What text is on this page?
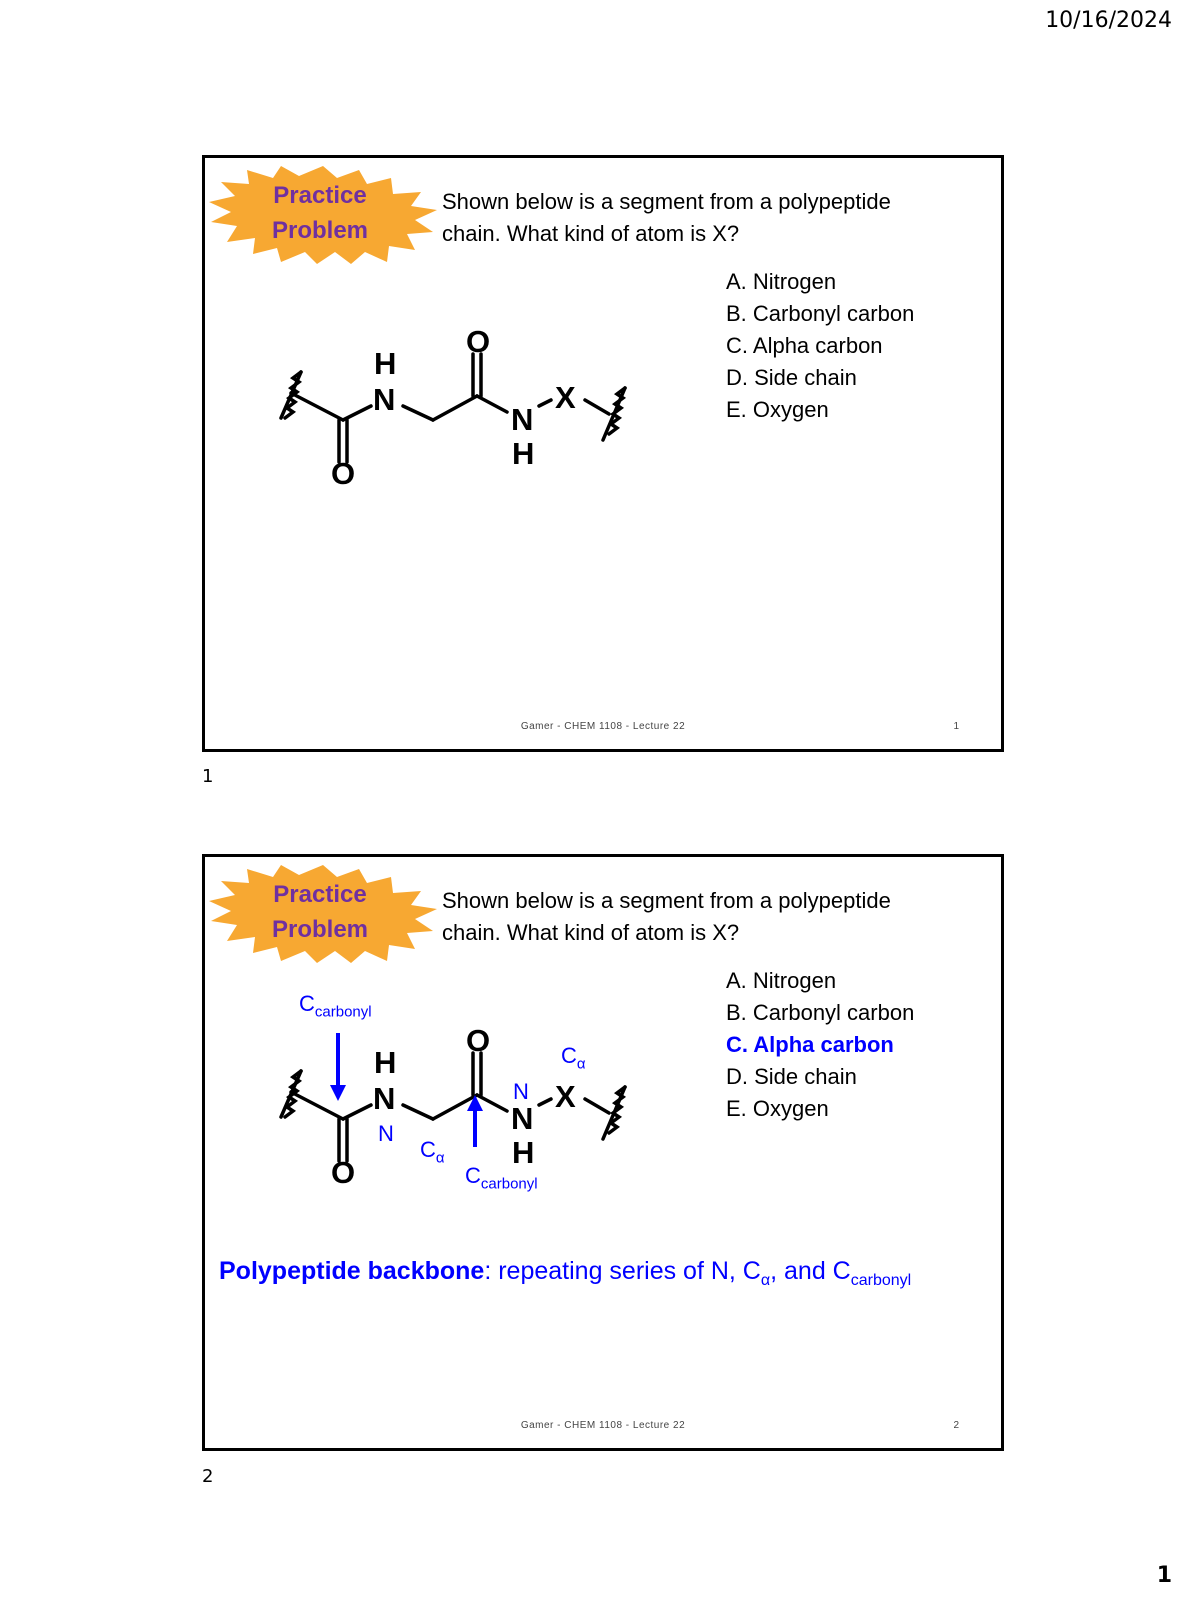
10/16/2024
Practice
Problem
Shown below is a segment from a polypeptide
chain. What kind of atom is X?
A. Nitrogen
B. Carbonyl carbon
C. Alpha carbon
D. Side chain
E. Oxygen
O
H
N
O
N
H
X
Gamer - CHEM 1108 - Lecture 22	1
1
Practice
Problem
Shown below is a segment from a polypeptide
chain. What kind of atom is X?
A. Nitrogen
B. Carbonyl carbon
C. Alpha carbon
D. Side chain
E. Oxygen
O
H
N
O
N
H
X
$C_{carbonyl}$
N
$C_\alpha$
$C_{carbonyl}$
N
$C_\alpha$
Polypeptide backbone: repeating series of N, $C_\alpha$, and $C_{carbonyl}$
Gamer - CHEM 1108 - Lecture 22	2
2
1
